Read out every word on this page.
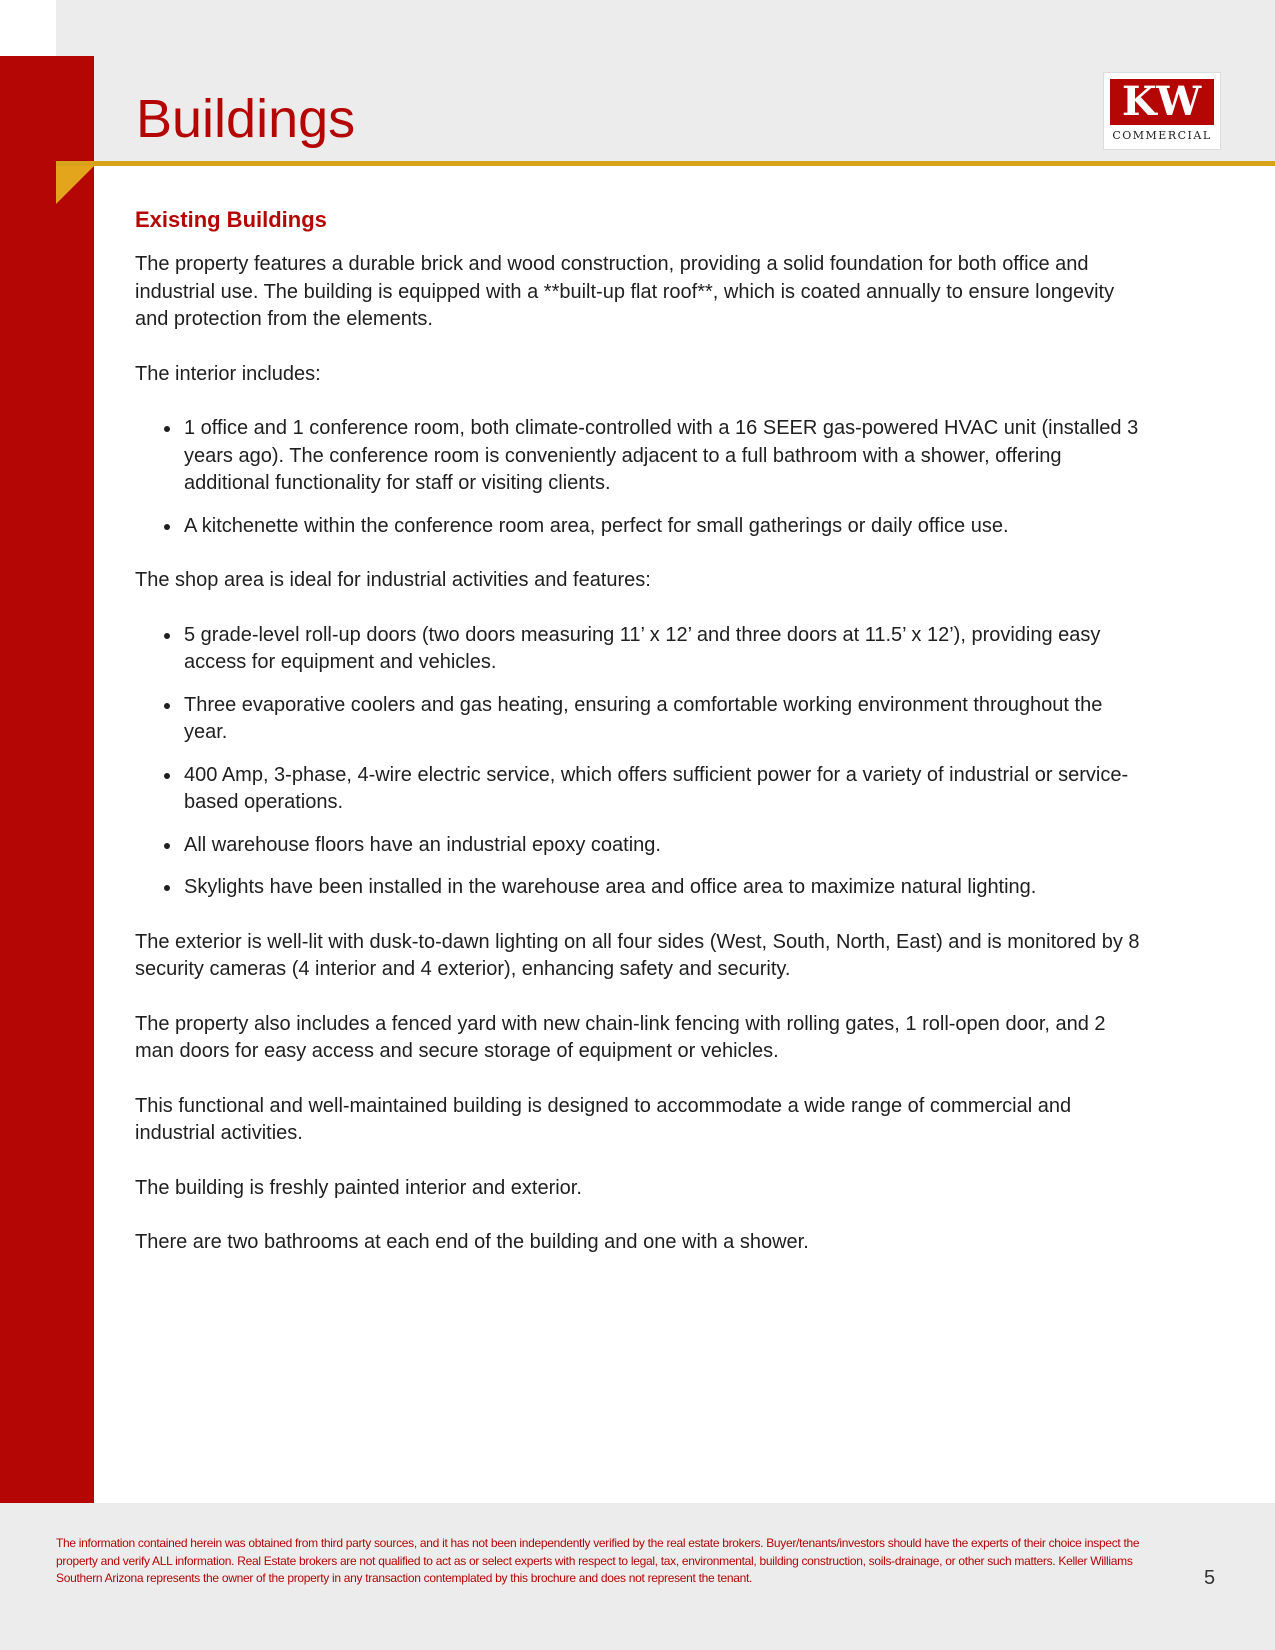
Buildings	KW
COMMERCIAL
Existing Buildings

The property features a durable brick and wood construction, providing a solid foundation for both office and industrial use. The building is equipped with a **built-up flat roof**, which is coated annually to ensure longevity and protection from the elements.

The interior includes:

• 1 office and 1 conference room, both climate-controlled with a 16 SEER gas-powered HVAC unit (installed 3 years ago). The conference room is conveniently adjacent to a full bathroom with a shower, offering additional functionality for staff or visiting clients.
• A kitchenette within the conference room area, perfect for small gatherings or daily office use.

The shop area is ideal for industrial activities and features:

• 5 grade-level roll-up doors (two doors measuring 11’ x 12’ and three doors at 11.5’ x 12’), providing easy access for equipment and vehicles.
• Three evaporative coolers and gas heating, ensuring a comfortable working environment throughout the year.
• 400 Amp, 3-phase, 4-wire electric service, which offers sufficient power for a variety of industrial or service-based operations.
• All warehouse floors have an industrial epoxy coating.
• Skylights have been installed in the warehouse area and office area to maximize natural lighting.

The exterior is well-lit with dusk-to-dawn lighting on all four sides (West, South, North, East) and is monitored by 8 security cameras (4 interior and 4 exterior), enhancing safety and security.

The property also includes a fenced yard with new chain-link fencing with rolling gates, 1 roll-open door, and 2 man doors for easy access and secure storage of equipment or vehicles.

This functional and well-maintained building is designed to accommodate a wide range of commercial and industrial activities.

The building is freshly painted interior and exterior.

There are two bathrooms at each end of the building and one with a shower.

The information contained herein was obtained from third party sources, and it has not been independently verified by the real estate brokers. Buyer/tenants/investors should have the experts of their choice inspect the property and verify ALL information. Real Estate brokers are not qualified to act as or select experts with respect to legal, tax, environmental, building construction, soils-drainage, or other such matters. Keller Williams Southern Arizona represents the owner of the property in any transaction contemplated by this brochure and does not represent the tenant.	5
